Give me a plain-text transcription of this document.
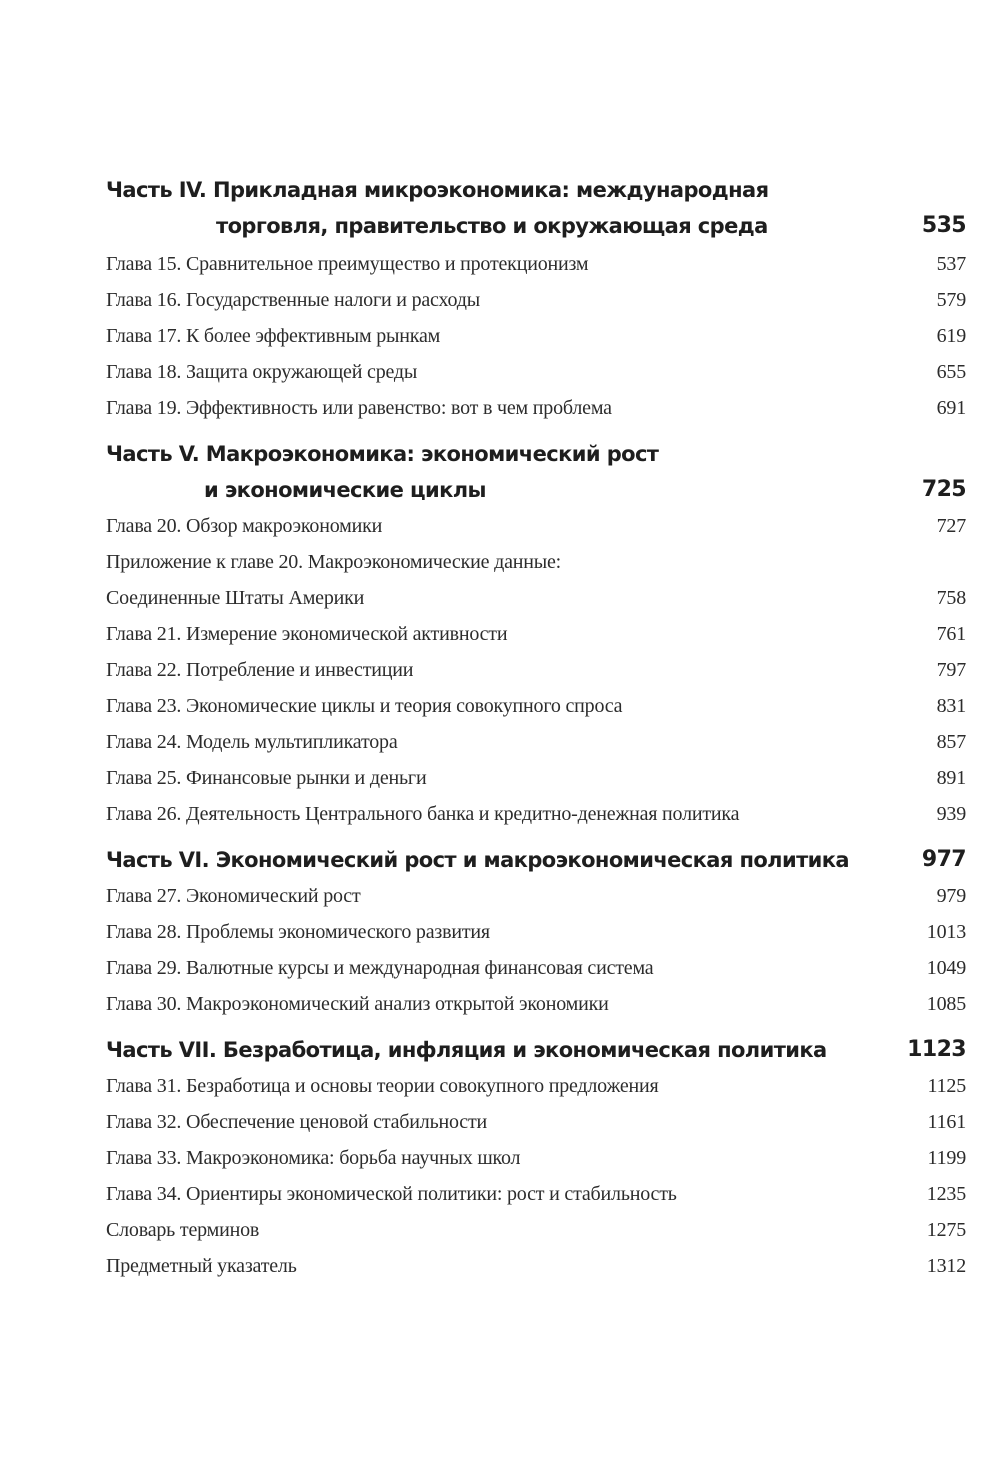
Часть IV. Прикладная микроэкономика: международная
торговля, правительство и окружающая среда	535
Глава 15. Сравнительное преимущество и протекционизм	537
Глава 16. Государственные налоги и расходы	579
Глава 17. К более эффективным рынкам	619
Глава 18. Защита окружающей среды	655
Глава 19. Эффективность или равенство: вот в чем проблема	691
Часть V. Макроэкономика: экономический рост
и экономические циклы	725
Глава 20. Обзор макроэкономики	727
Приложение к главе 20. Макроэкономические данные:
Соединенные Штаты Америки	758
Глава 21. Измерение экономической активности	761
Глава 22. Потребление и инвестиции	797
Глава 23. Экономические циклы и теория совокупного спроса	831
Глава 24. Модель мультипликатора	857
Глава 25. Финансовые рынки и деньги	891
Глава 26. Деятельность Центрального банка и кредитно-денежная политика	939
Часть VI. Экономический рост и макроэкономическая политика	977
Глава 27. Экономический рост	979
Глава 28. Проблемы экономического развития	1013
Глава 29. Валютные курсы и международная финансовая система	1049
Глава 30. Макроэкономический анализ открытой экономики	1085
Часть VII. Безработица, инфляция и экономическая политика	1123
Глава 31. Безработица и основы теории совокупного предложения	1125
Глава 32. Обеспечение ценовой стабильности	1161
Глава 33. Макроэкономика: борьба научных школ	1199
Глава 34. Ориентиры экономической политики: рост и стабильность	1235
Словарь терминов	1275
Предметный указатель	1312
